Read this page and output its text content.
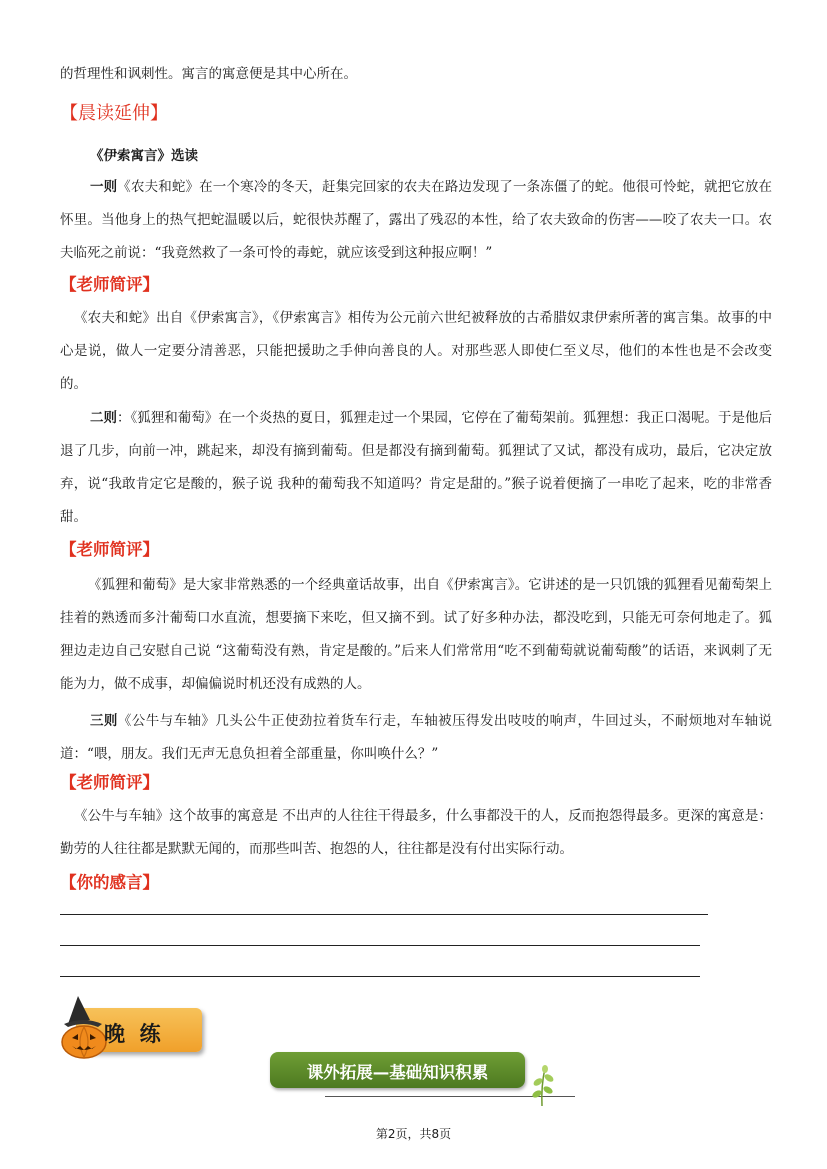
的哲理性和讽刺性。寓言的寓意便是其中心所在。
【晨读延伸】
《伊索寓言》选读
一则《农夫和蛇》在一个寒冷的冬天，赶集完回家的农夫在路边发现了一条冻僵了的蛇。他很可怜蛇，就把它放在怀里。当他身上的热气把蛇温暖以后，蛇很快苏醒了，露出了残忍的本性，给了农夫致命的伤害——咬了农夫一口。农夫临死之前说：“我竟然救了一条可怜的毒蛇，就应该受到这种报应啊！”
【老师简评】
《农夫和蛇》出自《伊索寓言》，《伊索寓言》相传为公元前六世纪被释放的古希腊奴隶伊索所著的寓言集。故事的中心是说，做人一定要分清善恶，只能把援助之手伸向善良的人。对那些恶人即使仁至义尽，他们的本性也是不会改变的。
二则：《狐狸和葡萄》在一个炎热的夏日，狐狸走过一个果园，它停在了葡萄架前。狐狸想：我正口渴呢。于是他后退了几步，向前一冲，跳起来，却没有摘到葡萄。但是都没有摘到葡萄。狐狸试了又试，都没有成功，最后，它决定放弃，说“我敢肯定它是酸的，猴子说 我种的葡萄我不知道吗？肯定是甜的。”猴子说着便摘了一串吃了起来，吃的非常香甜。
【老师简评】
《狐狸和葡萄》是大家非常熟悉的一个经典童话故事，出自《伊索寓言》。它讲述的是一只饥饿的狐狸看见葡萄架上挂着的熟透而多汁葡萄口水直流，想要摘下来吃，但又摘不到。试了好多种办法，都没吃到，只能无可奈何地走了。狐狸边走边自己安慰自己说 “这葡萄没有熟，肯定是酸的。”后来人们常常用“吃不到葡萄就说葡萄酸”的话语，来讽刺了无能为力，做不成事，却偏偏说时机还没有成熟的人。
三则《公牛与车轴》几头公牛正使劲拉着货车行走，车轴被压得发出吱吱的响声，牛回过头，不耐烦地对车轴说道：“喂，朋友。我们无声无息负担着全部重量，你叫唤什么？”
【老师简评】
《公牛与车轴》这个故事的寓意是 不出声的人往往干得最多，什么事都没干的人，反而抱怨得最多。更深的寓意是：勤劳的人往往都是默默无闻的，而那些叫苦、抱怨的人，往往都是没有付出实际行动。
【你的感言】
晚  练
课外拓展—基础知识积累
第2页，共8页
